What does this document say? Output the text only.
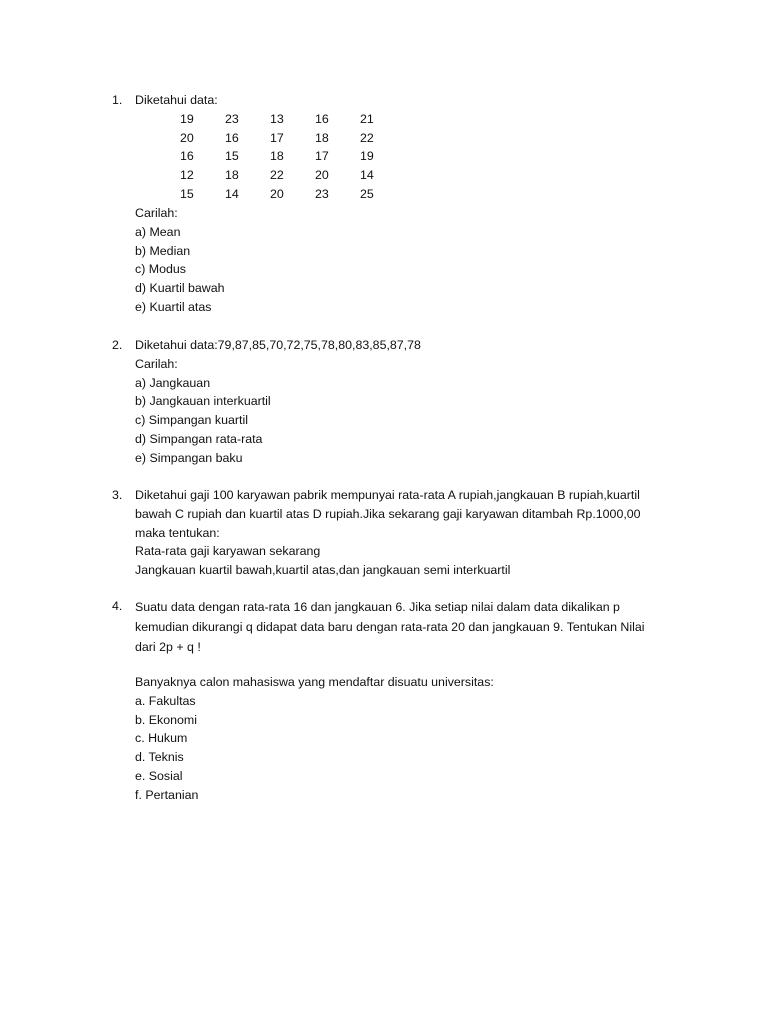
1. Diketahui data:
19	23	13	16	21
20	16	17	18	22
16	15	18	17	19
12	18	22	20	14
15	14	20	23	25
Carilah:
a) Mean
b) Median
c) Modus
d) Kuartil bawah
e) Kuartil atas
2. Diketahui data:79,87,85,70,72,75,78,80,83,85,87,78
Carilah:
a) Jangkauan
b) Jangkauan interkuartil
c) Simpangan kuartil
d) Simpangan rata-rata
e) Simpangan baku
3. Diketahui gaji 100 karyawan pabrik mempunyai rata-rata A rupiah,jangkauan B rupiah,kuartil
bawah C rupiah dan kuartil atas D rupiah.Jika sekarang gaji karyawan ditambah Rp.1000,00
maka tentukan:
Rata-rata gaji karyawan sekarang
Jangkauan kuartil bawah,kuartil atas,dan jangkauan semi interkuartil
4. Suatu data dengan rata-rata 16 dan jangkauan 6. Jika setiap nilai dalam data dikalikan p
kemudian dikurangi q didapat data baru dengan rata-rata 20 dan jangkauan 9. Tentukan Nilai
dari 2p + q !
Banyaknya calon mahasiswa yang mendaftar disuatu universitas:
a. Fakultas
b. Ekonomi
c. Hukum
d. Teknis
e. Sosial
f. Pertanian
